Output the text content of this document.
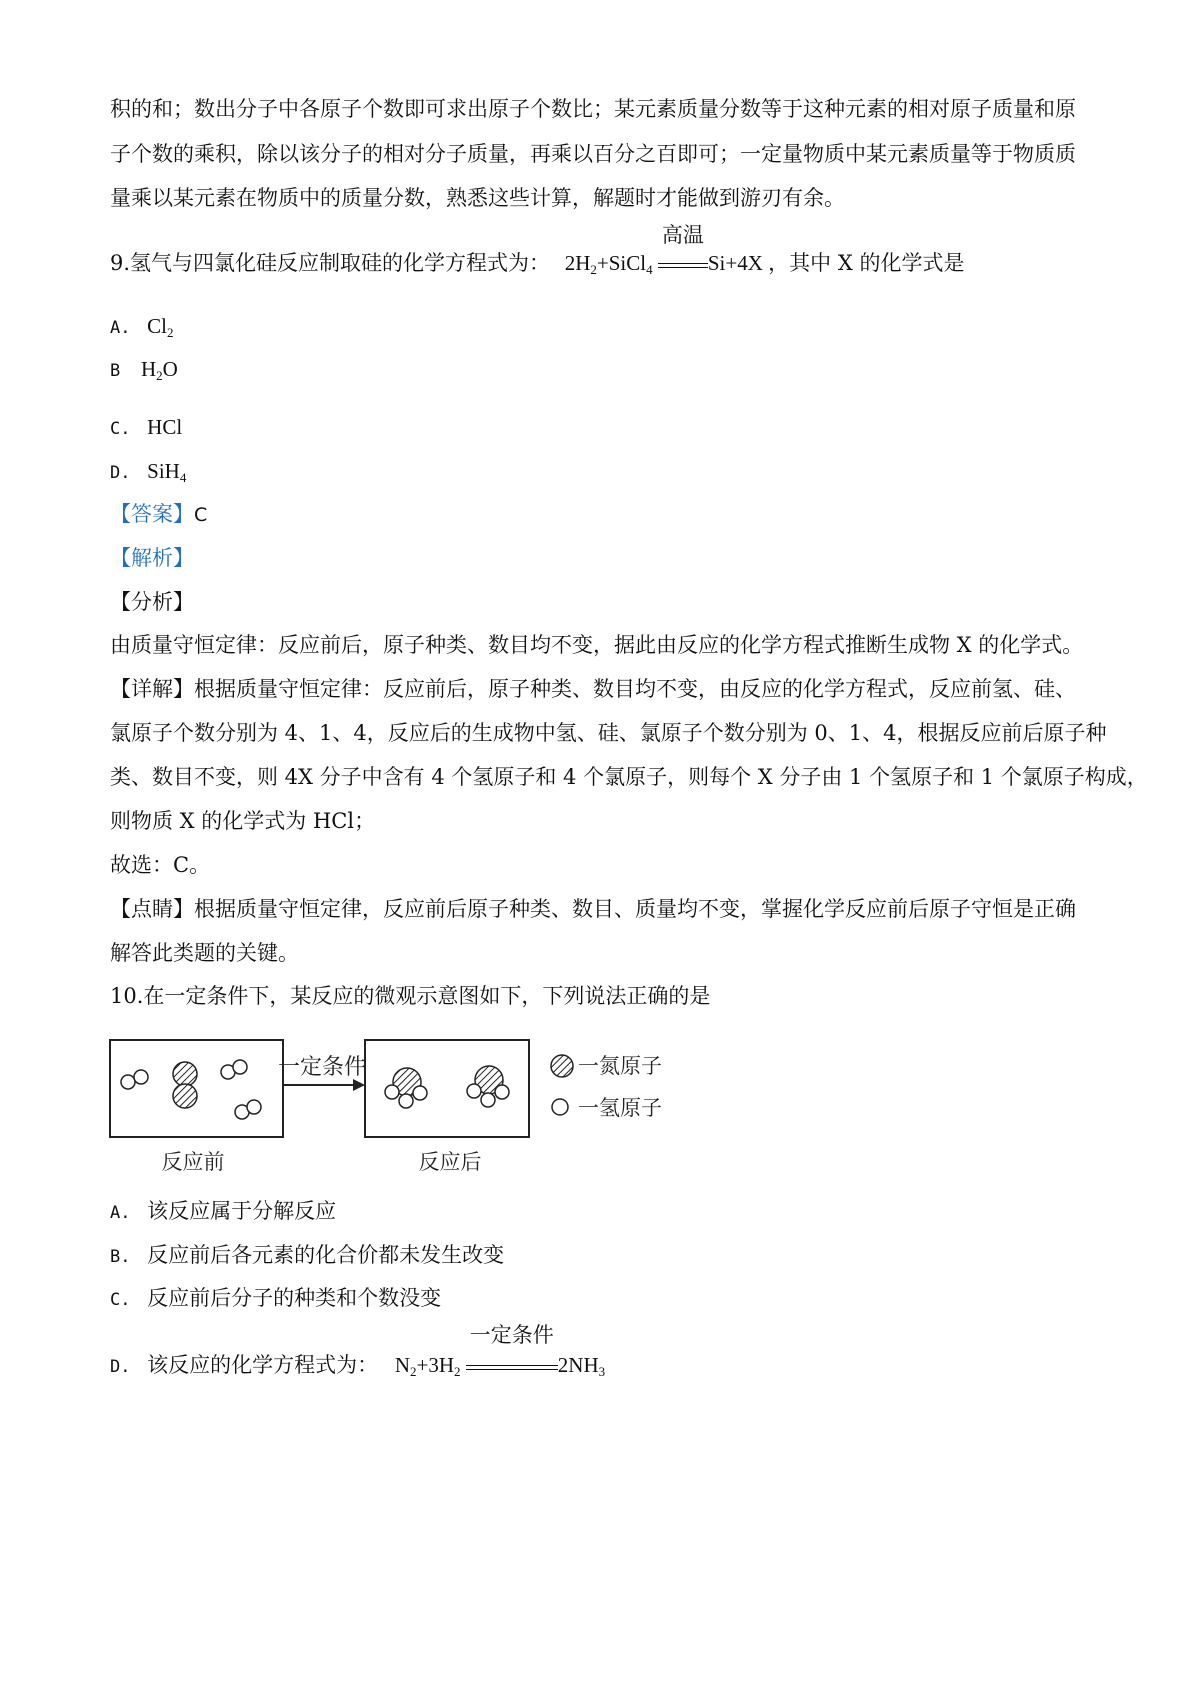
积的和；数出分子中各原子个数即可求出原子个数比；某元素质量分数等于这种元素的相对原子质量和原
子个数的乘积，除以该分子的相对分子质量，再乘以百分之百即可；一定量物质中某元素质量等于物质质
量乘以某元素在物质中的质量分数，熟悉这些计算，解题时才能做到游刃有余。
9.氢气与四氯化硅反应制取硅的化学方程式为： $2H_2+SiCl_4$
高温
Si+4X ，其中 X 的化学式是
A. $Cl_2$
B $H_2O$
C. HCl
D. SiH$_4$
【答案】C
【解析】
【分析】
由质量守恒定律：反应前后，原子种类、数目均不变，据此由反应的化学方程式推断生成物 X 的化学式。
【详解】根据质量守恒定律：反应前后，原子种类、数目均不变，由反应的化学方程式，反应前氢、硅、
氯原子个数分别为 4、1、4，反应后的生成物中氢、硅、氯原子个数分别为 0、1、4，根据反应前后原子种
类、数目不变，则 4X 分子中含有 4 个氢原子和 4 个氯原子，则每个 X 分子由 1 个氢原子和 1 个氯原子构成，
则物质 X 的化学式为 HCl；
故选：C。
【点睛】根据质量守恒定律，反应前后原子种类、数目、质量均不变，掌握化学反应前后原子守恒是正确
解答此类题的关键。
10.在一定条件下，某反应的微观示意图如下，下列说法正确的是
一定条件
反应前	反应后
一氮原子
一氢原子
A. 该反应属于分解反应
B. 反应前后各元素的化合价都未发生改变
C. 反应前后分子的种类和个数没变
D. 该反应的化学方程式为： $N_2+3H_2$
一定条件
$2NH_3$
